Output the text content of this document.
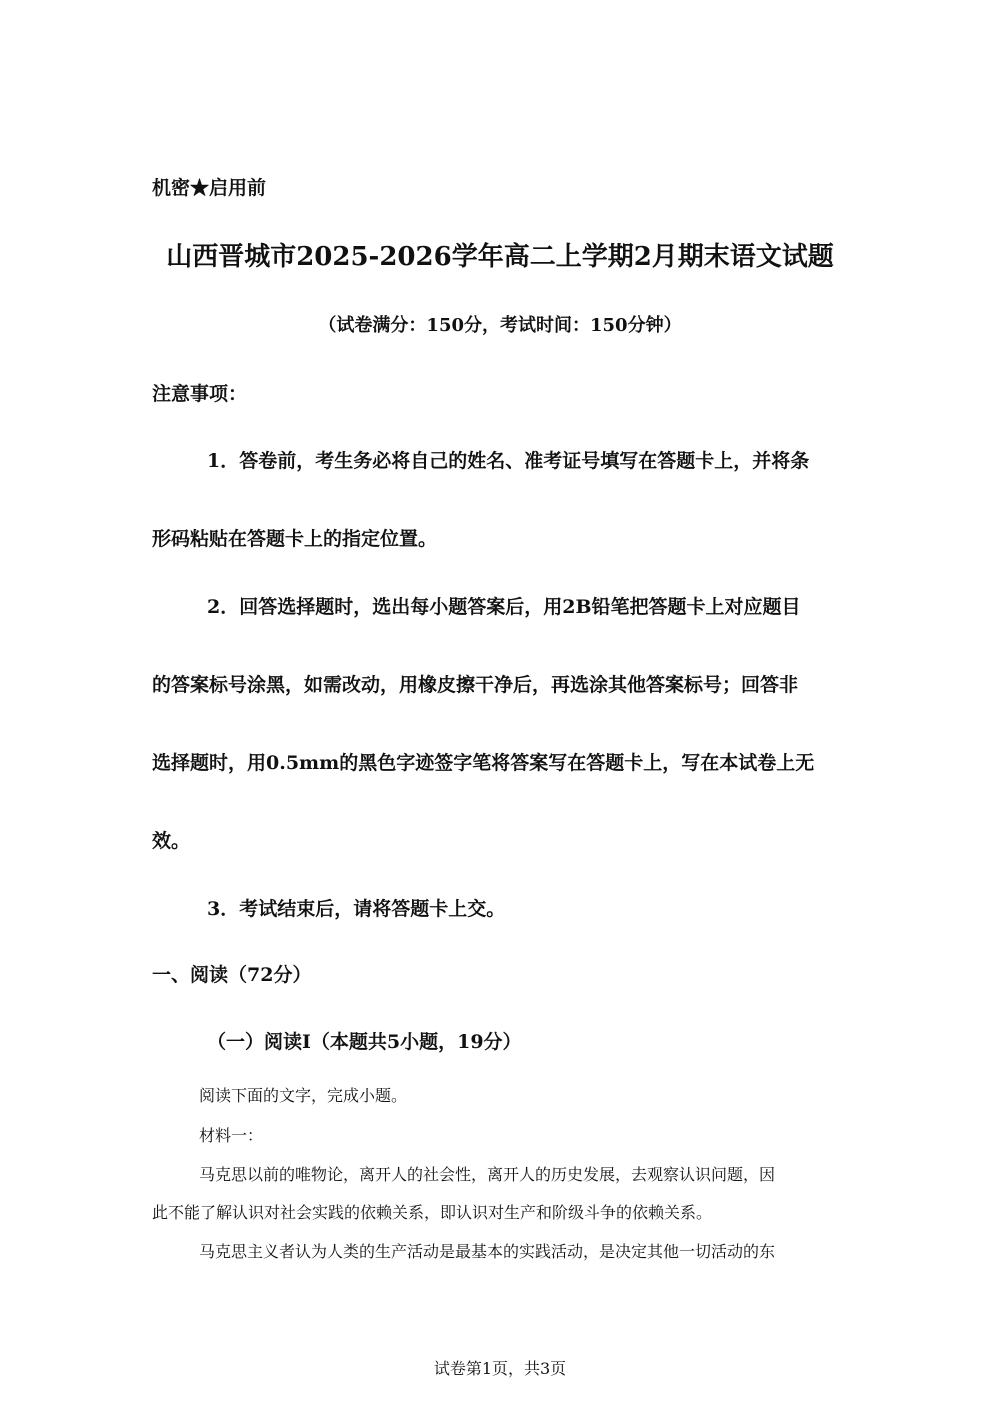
机密★启用前
山西晋城市2025-2026学年高二上学期2月期末语文试题
（试卷满分：150分，考试时间：150分钟）
注意事项：
1．答卷前，考生务必将自己的姓名、准考证号填写在答题卡上，并将条
形码粘贴在答题卡上的指定位置。
2．回答选择题时，选出每小题答案后，用2B铅笔把答题卡上对应题目
的答案标号涂黑，如需改动，用橡皮擦干净后，再选涂其他答案标号；回答非
选择题时，用0.5mm的黑色字迹签字笔将答案写在答题卡上，写在本试卷上无
效。
3．考试结束后，请将答题卡上交。
一、阅读（72分）
（一）阅读Ⅰ（本题共5小题，19分）
阅读下面的文字，完成小题。
材料一：
马克思以前的唯物论，离开人的社会性，离开人的历史发展，去观察认识问题，因
此不能了解认识对社会实践的依赖关系，即认识对生产和阶级斗争的依赖关系。
马克思主义者认为人类的生产活动是最基本的实践活动，是决定其他一切活动的东
试卷第1页，共3页
